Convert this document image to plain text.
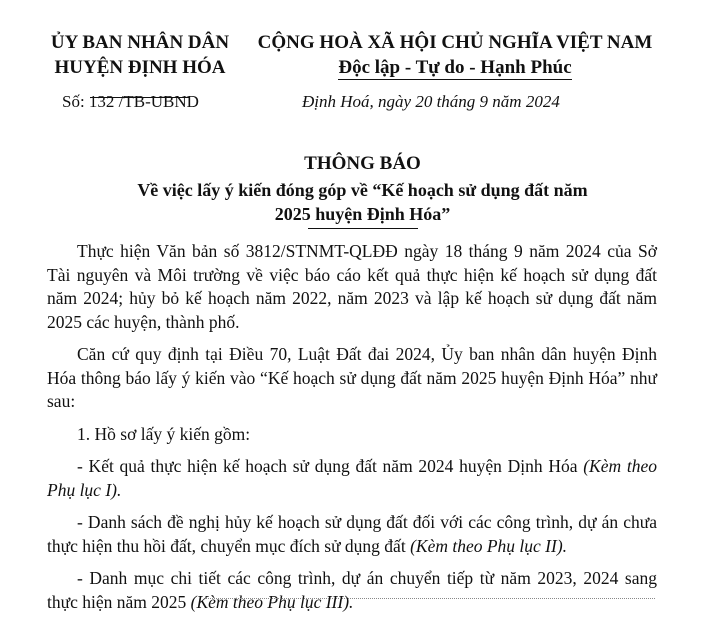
ỦY BAN NHÂN DÂN
HUYỆN ĐỊNH HÓA
CỘNG HOÀ XÃ HỘI CHỦ NGHĨA VIỆT NAM
Độc lập - Tự do - Hạnh Phúc
Số: 132 /TB-UBND	Định Hoá, ngày 20 tháng 9 năm 2024
THÔNG BÁO
Về việc lấy ý kiến đóng góp về “Kế hoạch sử dụng đất năm
2025 huyện Định Hóa”

Thực hiện Văn bản số 3812/STNMT-QLĐĐ ngày 18 tháng 9 năm 2024 của Sở Tài nguyên và Môi trường về việc báo cáo kết quả thực hiện kế hoạch sử dụng đất năm 2024; hủy bỏ kế hoạch năm 2022, năm 2023 và lập kế hoạch sử dụng đất năm 2025 các huyện, thành phố.

Căn cứ quy định tại Điều 70, Luật Đất đai 2024, Ủy ban nhân dân huyện Định Hóa thông báo lấy ý kiến vào “Kế hoạch sử dụng đất năm 2025 huyện Định Hóa” như sau:

1. Hồ sơ lấy ý kiến gồm:

- Kết quả thực hiện kế hoạch sử dụng đất năm 2024 huyện Dịnh Hóa (Kèm theo Phụ lục I).

- Danh sách đề nghị hủy kế hoạch sử dụng đất đối với các công trình, dự án chưa thực hiện thu hồi đất, chuyển mục đích sử dụng đất (Kèm theo Phụ lục II).

- Danh mục chi tiết các công trình, dự án chuyển tiếp từ năm 2023, 2024 sang thực hiện năm 2025 (Kèm theo Phụ lục III).
